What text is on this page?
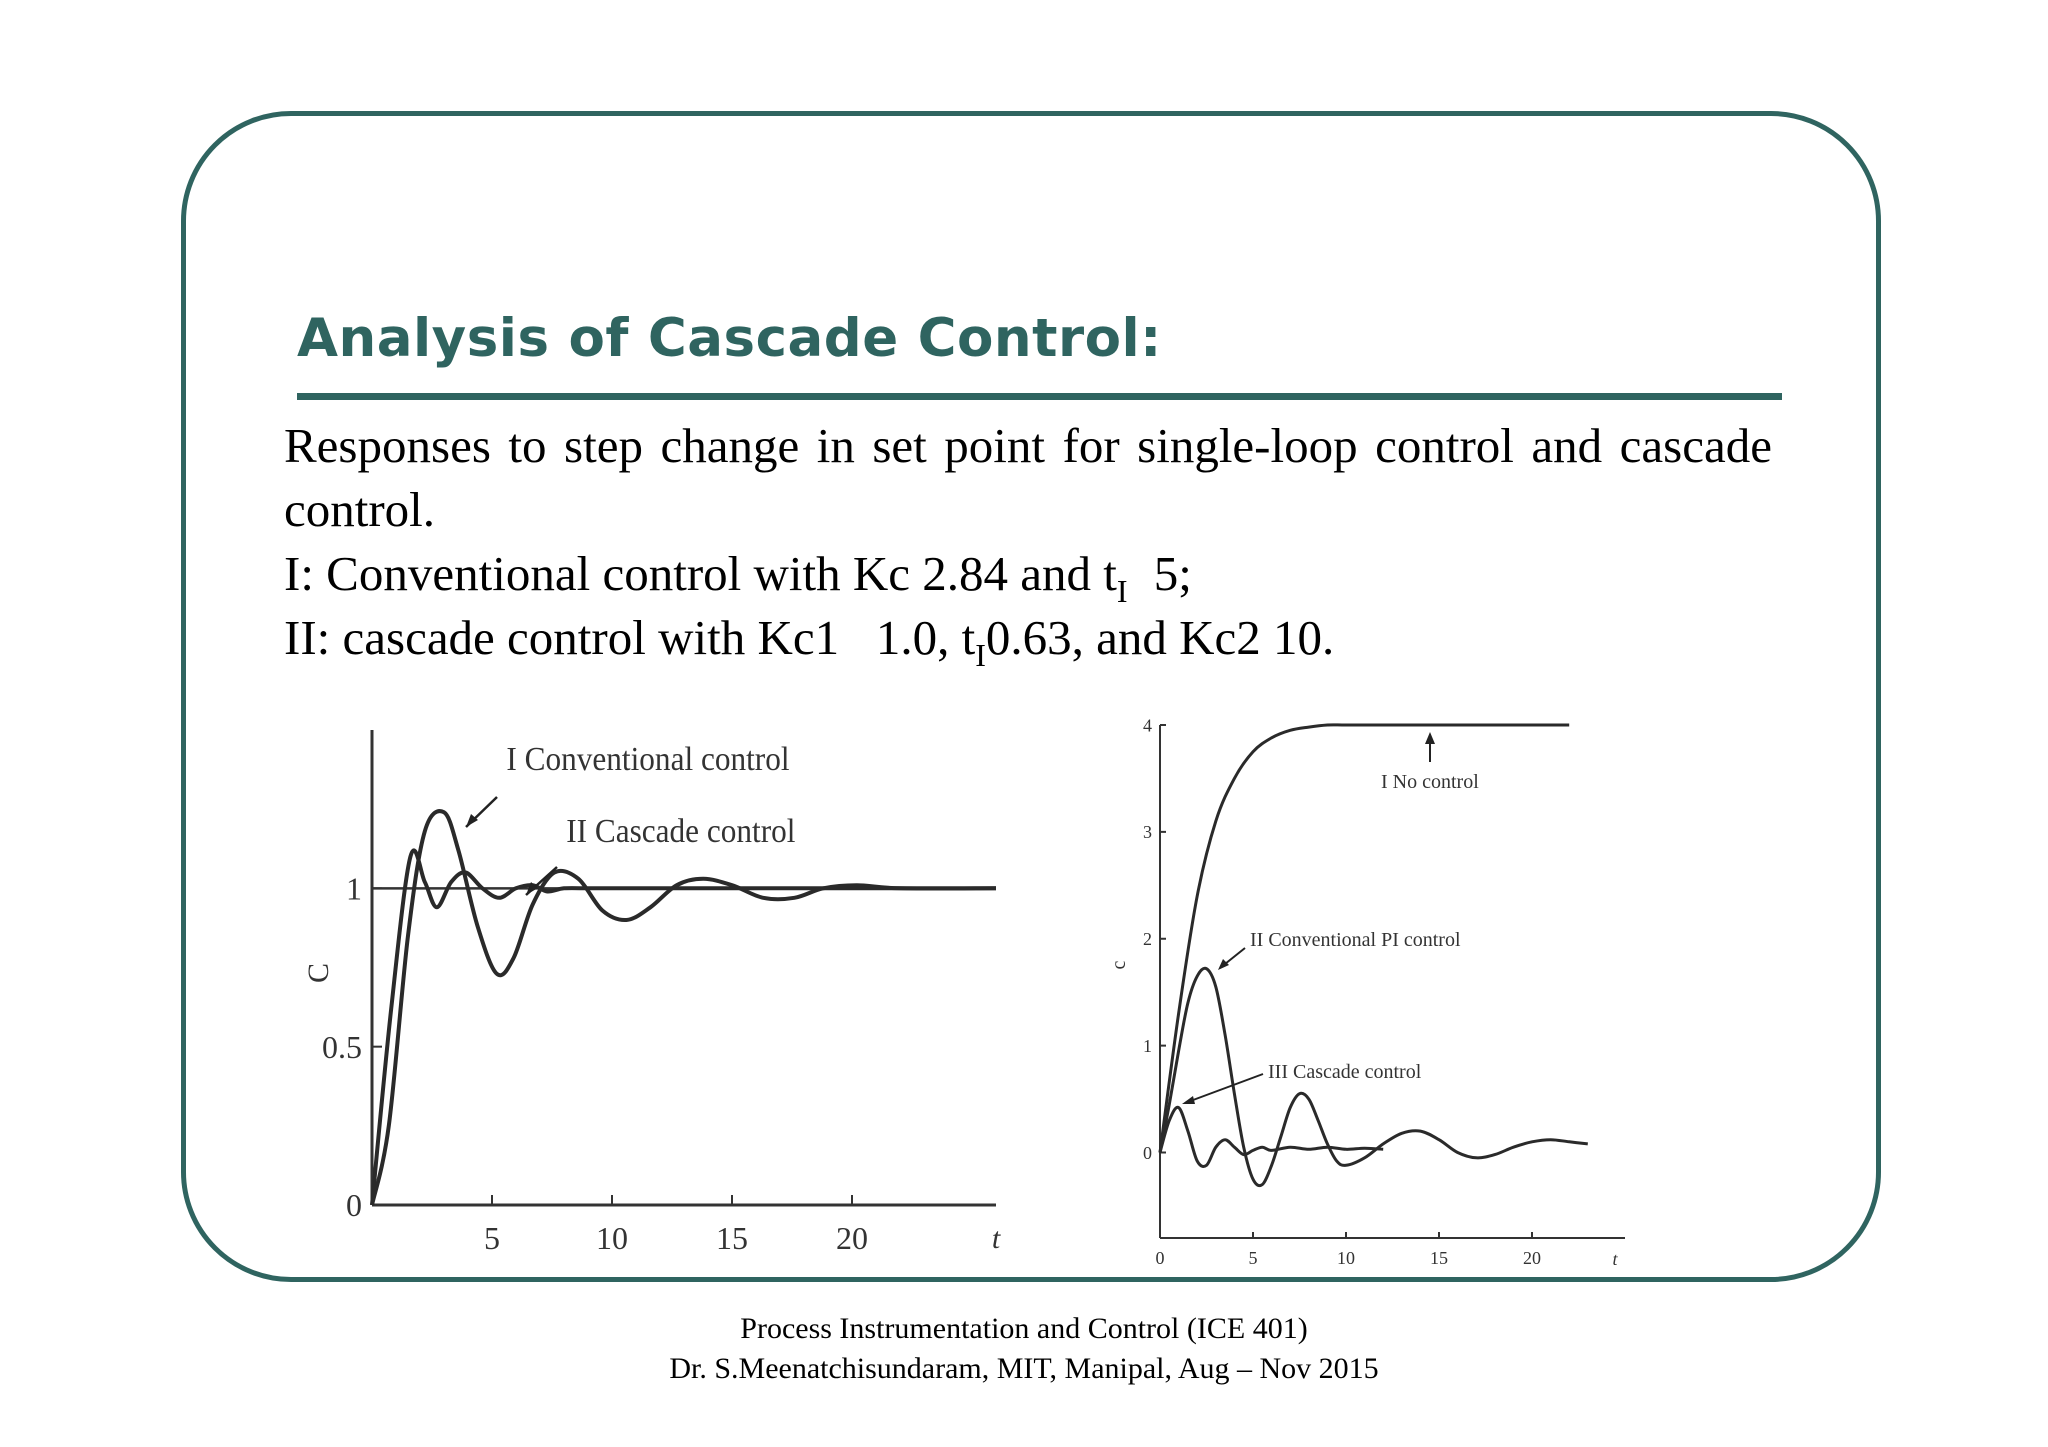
Analysis of Cascade Control:
Responses to step change in set point for single-loop control and cascade control.
I: Conventional control with Kc 2.84 and $t_I$ 5;
II: cascade control with Kc1 1.0, $t_I0.63$, and Kc2 10.
5	10	15	20
0
0.5
1
C
t
I Conventional control
II Cascade control
0	5	10	15	20
0
1
2
3
4
c
t
I No control
II Conventional PI control
III Cascade control
Process Instrumentation and Control (ICE 401)
Dr. S.Meenatchisundaram, MIT, Manipal, Aug – Nov 2015
